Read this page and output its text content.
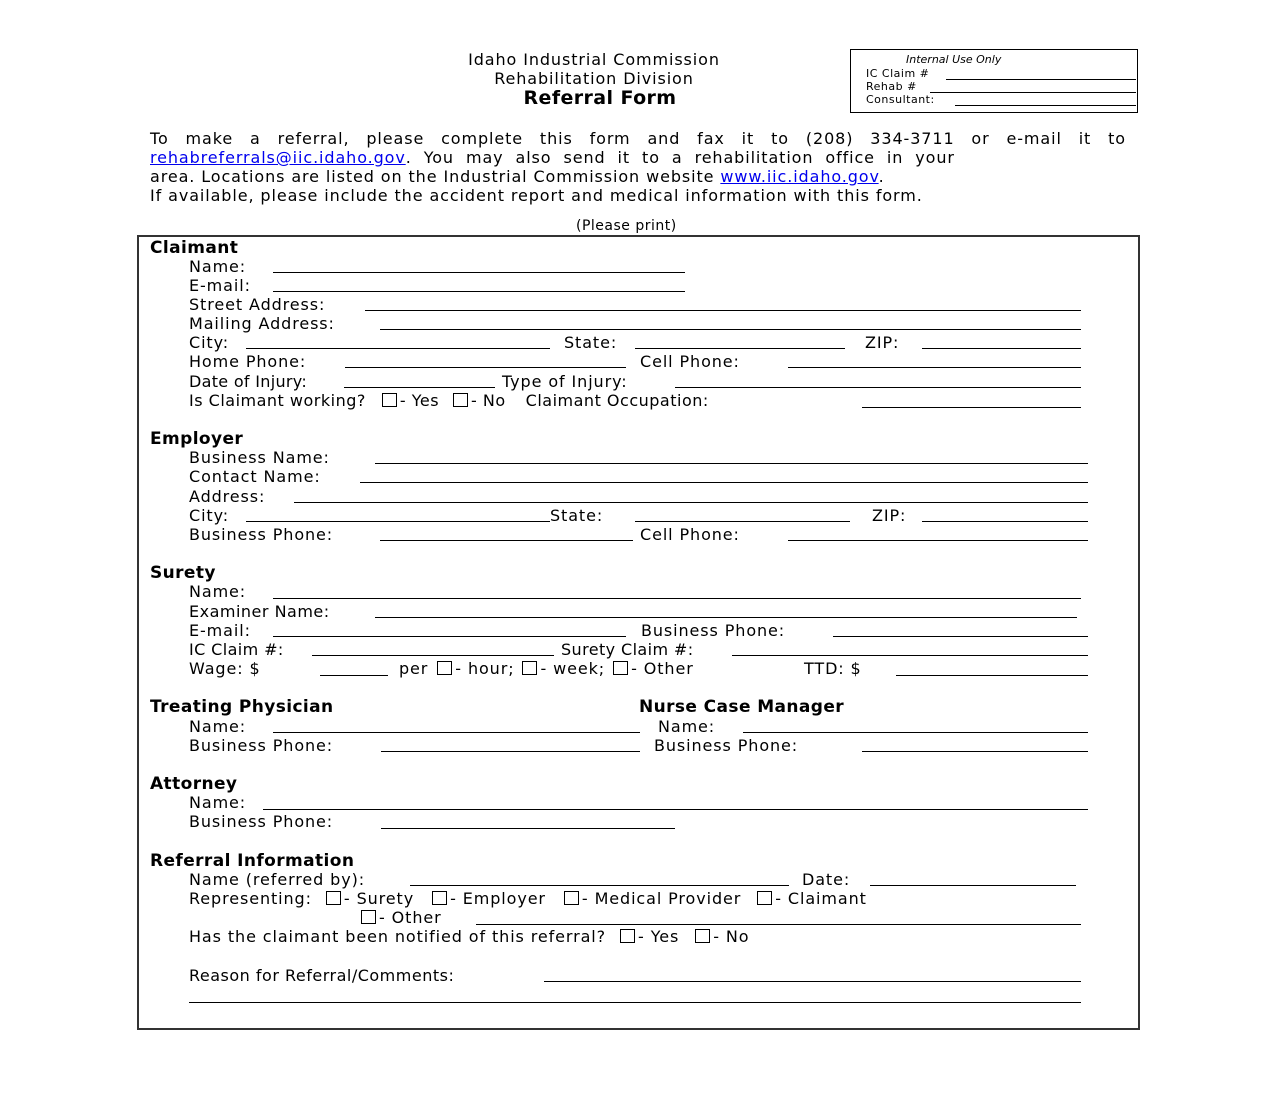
Idaho Industrial Commission
Rehabilitation Division
Referral Form
Internal Use Only
IC Claim #
Rehab #
Consultant:
To make a referral, please complete this form and fax it to (208) 334-3711 or e-mail it to
rehabreferrals@iic.idaho.gov. You may also send it to a rehabilitation office in your
area. Locations are listed on the Industrial Commission website www.iic.idaho.gov.
If available, please include the accident report and medical information with this form.
(Please print)
Claimant
Name:
E-mail:
Street Address:
Mailing Address:
City:	State:	ZIP:
Home Phone:	Cell Phone:
Date of Injury:	Type of Injury:
Is Claimant working? - Yes - No Claimant Occupation:
Employer
Business Name:
Contact Name:
Address:
City:	State:	ZIP:
Business Phone:	Cell Phone:
Surety
Name:
Examiner Name:
E-mail:	Business Phone:
IC Claim #:	Surety Claim #:
Wage: $	per - hour; - week; - Other	TTD: $
Treating Physician
Name:
Business Phone:
Nurse Case Manager
Name:
Business Phone:
Attorney
Name:
Business Phone:
Referral Information
Name (referred by):	Date:
Representing: - Surety - Employer - Medical Provider - Claimant
- Other
Has the claimant been notified of this referral? - Yes - No
Reason for Referral/Comments:
